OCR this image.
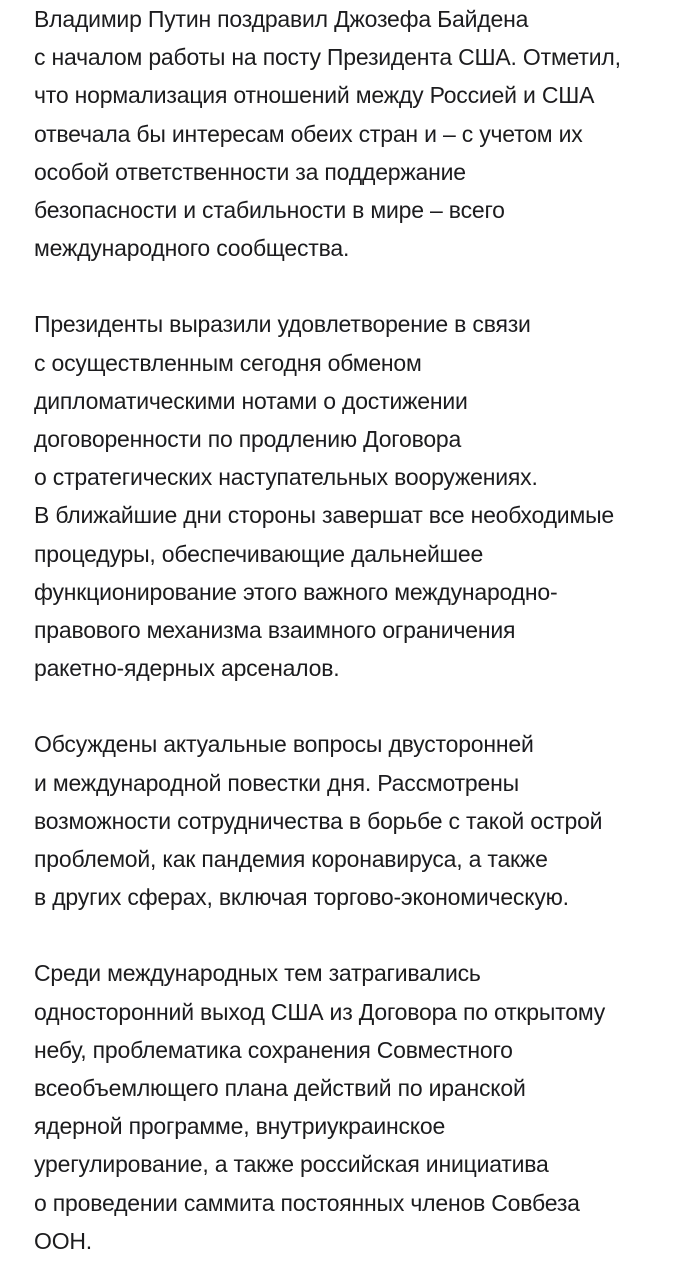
Владимир Путин поздравил Джозефа Байдена
с началом работы на посту Президента США. Отметил,
что нормализация отношений между Россией и США
отвечала бы интересам обеих стран и – с учетом их
особой ответственности за поддержание
безопасности и стабильности в мире – всего
международного сообщества.

Президенты выразили удовлетворение в связи
с осуществленным сегодня обменом
дипломатическими нотами о достижении
договоренности по продлению Договора
о стратегических наступательных вооружениях.
В ближайшие дни стороны завершат все необходимые
процедуры, обеспечивающие дальнейшее
функционирование этого важного международно-
правового механизма взаимного ограничения
ракетно-ядерных арсеналов.

Обсуждены актуальные вопросы двусторонней
и международной повестки дня. Рассмотрены
возможности сотрудничества в борьбе с такой острой
проблемой, как пандемия коронавируса, а также
в других сферах, включая торгово-экономическую.

Среди международных тем затрагивались
односторонний выход США из Договора по открытому
небу, проблематика сохранения Совместного
всеобъемлющего плана действий по иранской
ядерной программе, внутриукраинское
урегулирование, а также российская инициатива
о проведении саммита постоянных членов Совбеза
ООН.
